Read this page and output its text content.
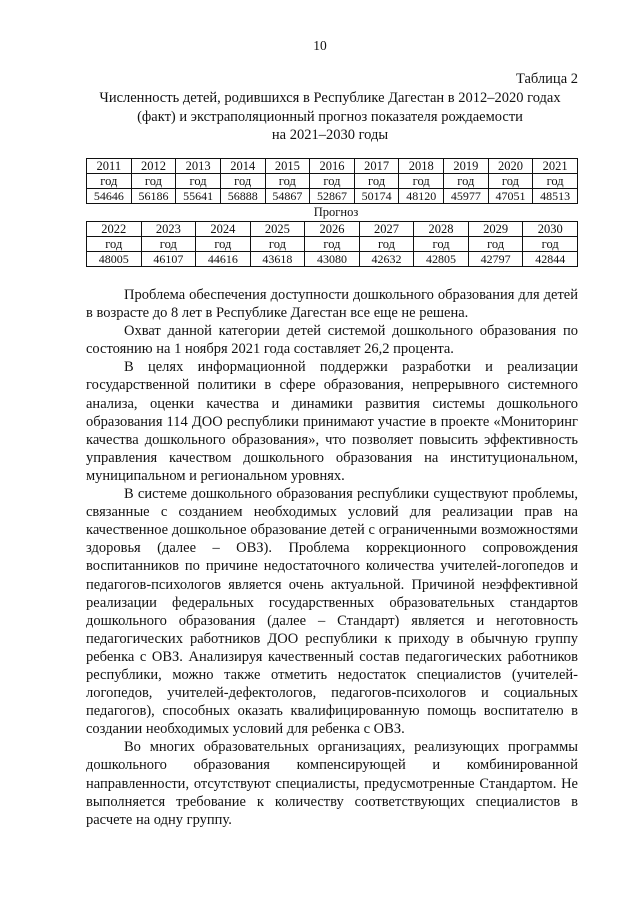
10
Таблица 2
Численность детей, родившихся в Республике Дагестан в 2012–2020 годах
(факт) и экстраполяционный прогноз показателя рождаемости
на 2021–2030 годы
2011	2012	2013	2014	2015	2016	2017	2018	2019	2020	2021
год	год	год	год	год	год	год	год	год	год	год
54646	56186	55641	56888	54867	52867	50174	48120	45977	47051	48513
Прогноз
2022	2023	2024	2025	2026	2027	2028	2029	2030
год	год	год	год	год	год	год	год	год
48005	46107	44616	43618	43080	42632	42805	42797	42844

Проблема обеспечения доступности дошкольного образования для детей в возрасте до 8 лет в Республике Дагестан все еще не решена.

Охват данной категории детей системой дошкольного образования по состоянию на 1 ноября 2021 года составляет 26,2 процента.

В целях информационной поддержки разработки и реализации государственной политики в сфере образования, непрерывного системного анализа, оценки качества и динамики развития системы дошкольного образования 114 ДОО республики принимают участие в проекте «Мониторинг качества дошкольного образования», что позволяет повысить эффективность управления качеством дошкольного образования на институциональном, муниципальном и региональном уровнях.

В системе дошкольного образования республики существуют проблемы, связанные с созданием необходимых условий для реализации прав на качественное дошкольное образование детей с ограниченными возможностями здоровья (далее – ОВЗ). Проблема коррекционного сопровождения воспитанников по причине недостаточного количества учителей-логопедов и педагогов-психологов является очень актуальной. Причиной неэффективной реализации федеральных государственных образовательных стандартов дошкольного образования (далее – Стандарт) является и неготовность педагогических работников ДОО республики к приходу в обычную группу ребенка с ОВЗ. Анализируя качественный состав педагогических работников республики, можно также отметить недостаток специалистов (учителей-логопедов, учителей-дефектологов, педагогов-психологов и социальных педагогов), способных оказать квалифицированную помощь воспитателю в создании необходимых условий для ребенка с ОВЗ.

Во многих образовательных организациях, реализующих программы дошкольного образования компенсирующей и комбинированной направленности, отсутствуют специалисты, предусмотренные Стандартом. Не выполняется требование к количеству соответствующих специалистов в расчете на одну группу.
